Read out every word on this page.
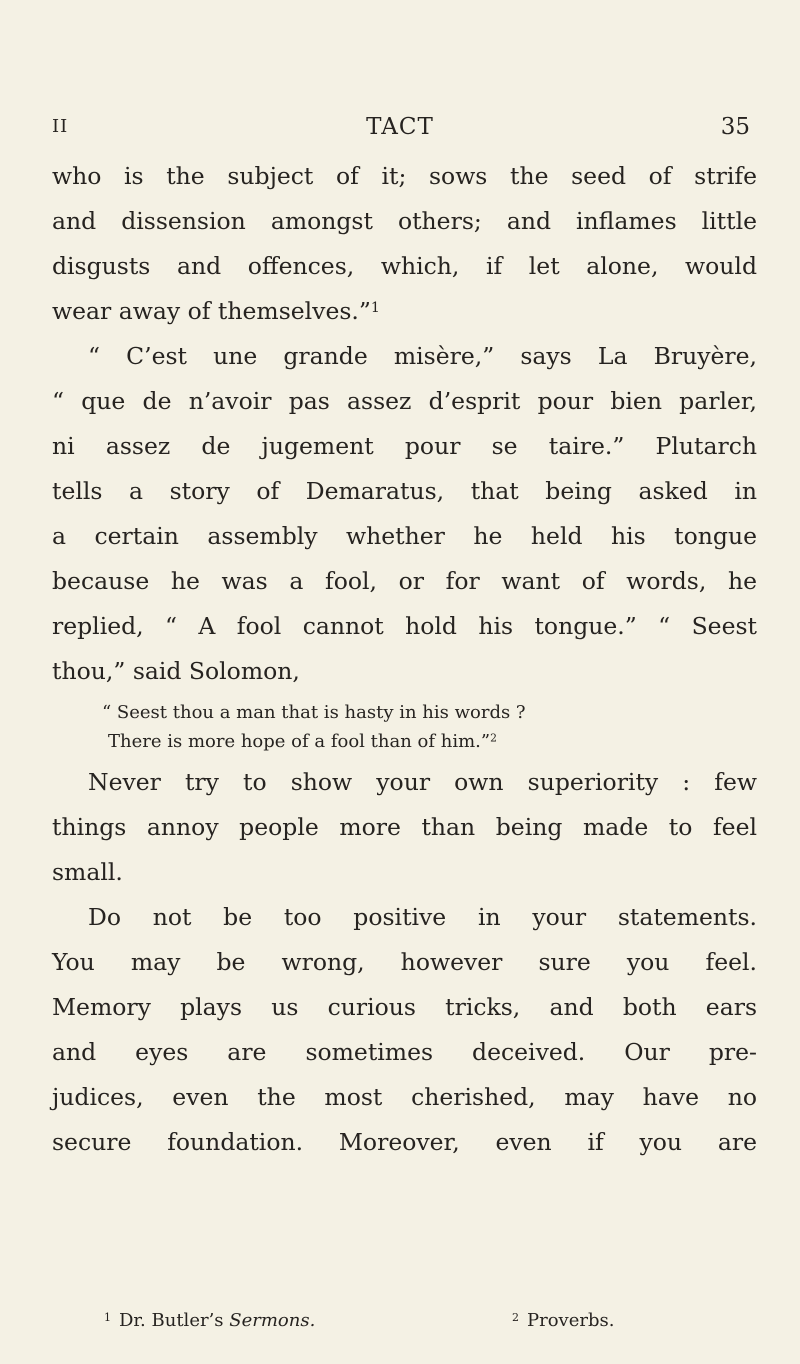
II	TACT	35
who is the subject of it; sows the seed of strife
and dissension amongst others; and inflames little
disgusts and offences, which, if let alone, would
wear away of themselves.”$^1$
“ C’est une grande misère,” says La Bruyère,
“ que de n’avoir pas assez d’esprit pour bien parler,
ni assez de jugement pour se taire.” Plutarch
tells a story of Demaratus, that being asked in
a certain assembly whether he held his tongue
because he was a fool, or for want of words, he
replied, “ A fool cannot hold his tongue.” “ Seest
thou,” said Solomon,
“ Seest thou a man that is hasty in his words ?
There is more hope of a fool than of him.”$^2$
Never try to show your own superiority : few
things annoy people more than being made to feel
small.
Do not be too positive in your statements.
You may be wrong, however sure you feel.
Memory plays us curious tricks, and both ears
and eyes are sometimes deceived. Our pre-
judices, even the most cherished, may have no
secure foundation. Moreover, even if you are
$^1$ Dr. Butler’s Sermons.	$^2$ Proverbs.
